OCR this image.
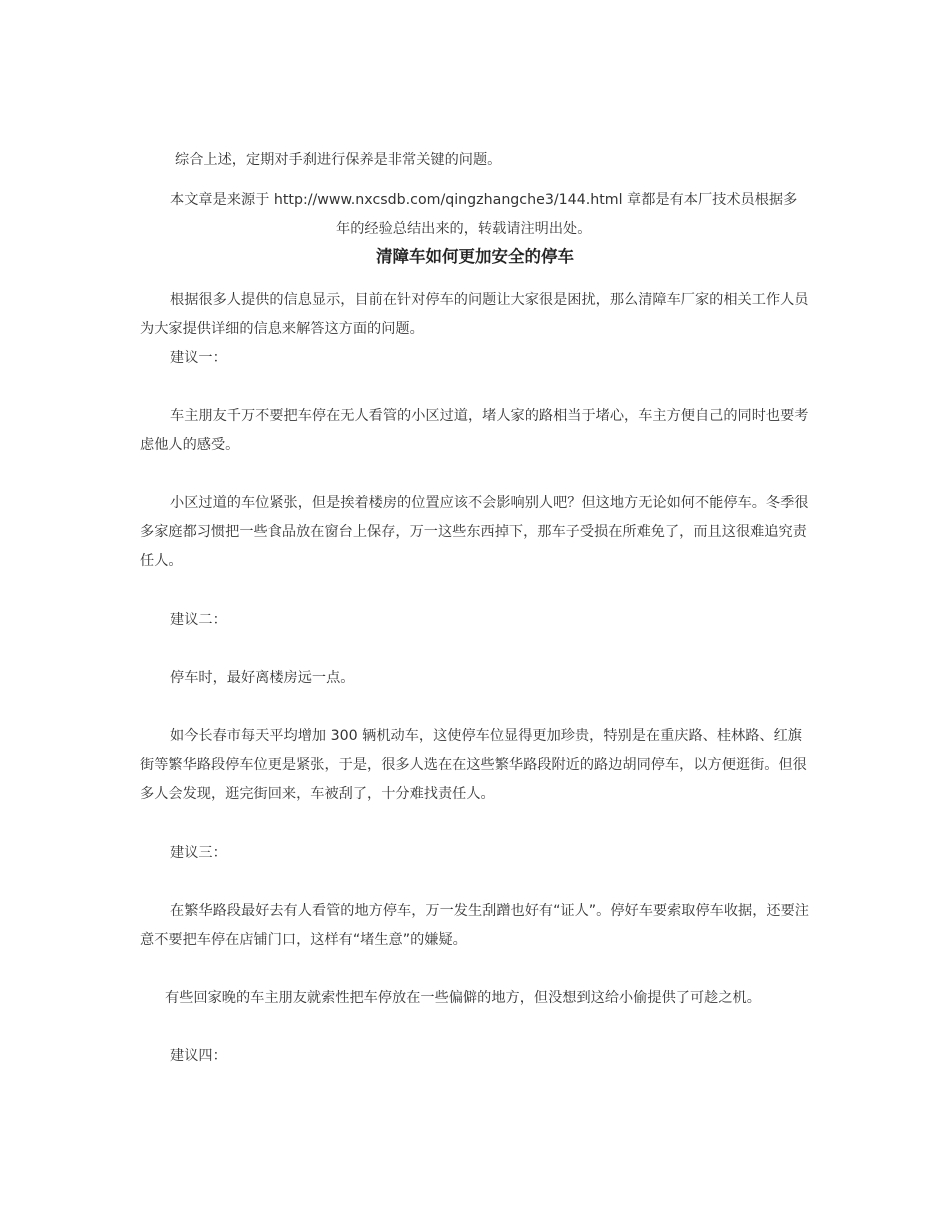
综合上述，定期对手刹进行保养是非常关键的问题。

本文章是来源于 http://www.nxcsdb.com/qingzhangche3/144.html 章都是有本厂技术员根据多

年的经验总结出来的，转载请注明出处。

清障车如何更加安全的停车

根据很多人提供的信息显示，目前在针对停车的问题让大家很是困扰，那么清障车厂家的相关工作人员为大家提供详细的信息来解答这方面的问题。

建议一：

车主朋友千万不要把车停在无人看管的小区过道，堵人家的路相当于堵心，车主方便自己的同时也要考虑他人的感受。

小区过道的车位紧张，但是挨着楼房的位置应该不会影响别人吧？但这地方无论如何不能停车。冬季很多家庭都习惯把一些食品放在窗台上保存，万一这些东西掉下，那车子受损在所难免了，而且这很难追究责任人。

建议二：

停车时，最好离楼房远一点。

如今长春市每天平均增加 300 辆机动车，这使停车位显得更加珍贵，特别是在重庆路、桂林路、红旗街等繁华路段停车位更是紧张，于是，很多人选在在这些繁华路段附近的路边胡同停车，以方便逛街。但很多人会发现，逛完街回来，车被刮了，十分难找责任人。

建议三：

在繁华路段最好去有人看管的地方停车，万一发生刮蹭也好有“证人”。停好车要索取停车收据，还要注意不要把车停在店铺门口，这样有“堵生意”的嫌疑。

有些回家晚的车主朋友就索性把车停放在一些偏僻的地方，但没想到这给小偷提供了可趁之机。

建议四：
